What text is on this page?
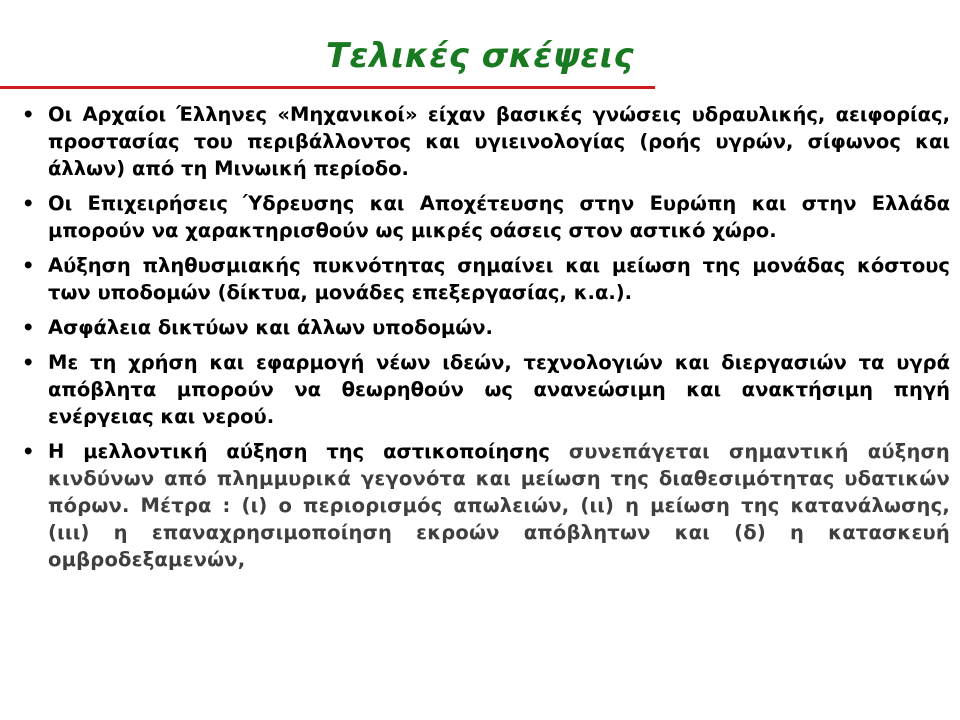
Τελικές σκέψεις
• Οι Αρχαίοι Έλληνες «Μηχανικοί» είχαν βασικές γνώσεις υδραυλικής, αειφορίας, προστασίας του περιβάλλοντος και υγιεινολογίας (ροής υγρών, σίφωνος και άλλων) από τη Μινωική περίοδο.
• Οι Επιχειρήσεις Ύδρευσης και Αποχέτευσης στην Ευρώπη και στην Ελλάδα μπορούν να χαρακτηρισθούν ως μικρές οάσεις στον αστικό χώρο.
• Αύξηση πληθυσμιακής πυκνότητας σημαίνει και μείωση της μονάδας κόστους των υποδομών (δίκτυα, μονάδες επεξεργασίας, κ.α.).
• Ασφάλεια δικτύων και άλλων υποδομών.
• Με τη χρήση και εφαρμογή νέων ιδεών, τεχνολογιών και διεργασιών τα υγρά απόβλητα μπορούν να θεωρηθούν ως ανανεώσιμη και ανακτήσιμη πηγή ενέργειας και νερού.
• Η μελλοντική αύξηση της αστικοποίησης συνεπάγεται σημαντική αύξηση κινδύνων από πλημμυρικά γεγονότα και μείωση της διαθεσιμότητας υδατικών πόρων. Μέτρα : (ι) ο περιορισμός απωλειών, (ιι) η μείωση της κατανάλωσης, (ιιι) η επαναχρησιμοποίηση εκροών απόβλητων και (δ) η κατασκευή ομβροδεξαμενών,
